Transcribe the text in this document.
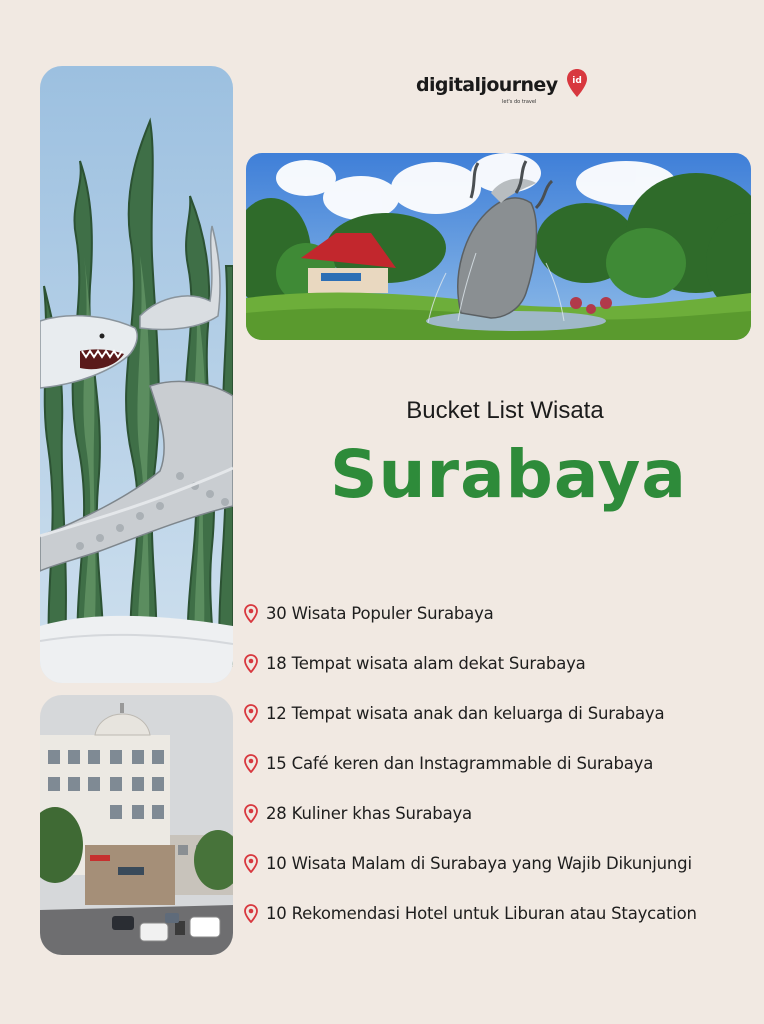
digitaljourney
let's do travel
id
Bucket List Wisata
Surabaya
30 Wisata Populer Surabaya
18 Tempat wisata alam dekat Surabaya
12 Tempat wisata anak dan keluarga di Surabaya
15 Café keren dan Instagrammable di Surabaya
28 Kuliner khas Surabaya
10 Wisata Malam di Surabaya yang Wajib Dikunjungi
10 Rekomendasi Hotel untuk Liburan atau Staycation
